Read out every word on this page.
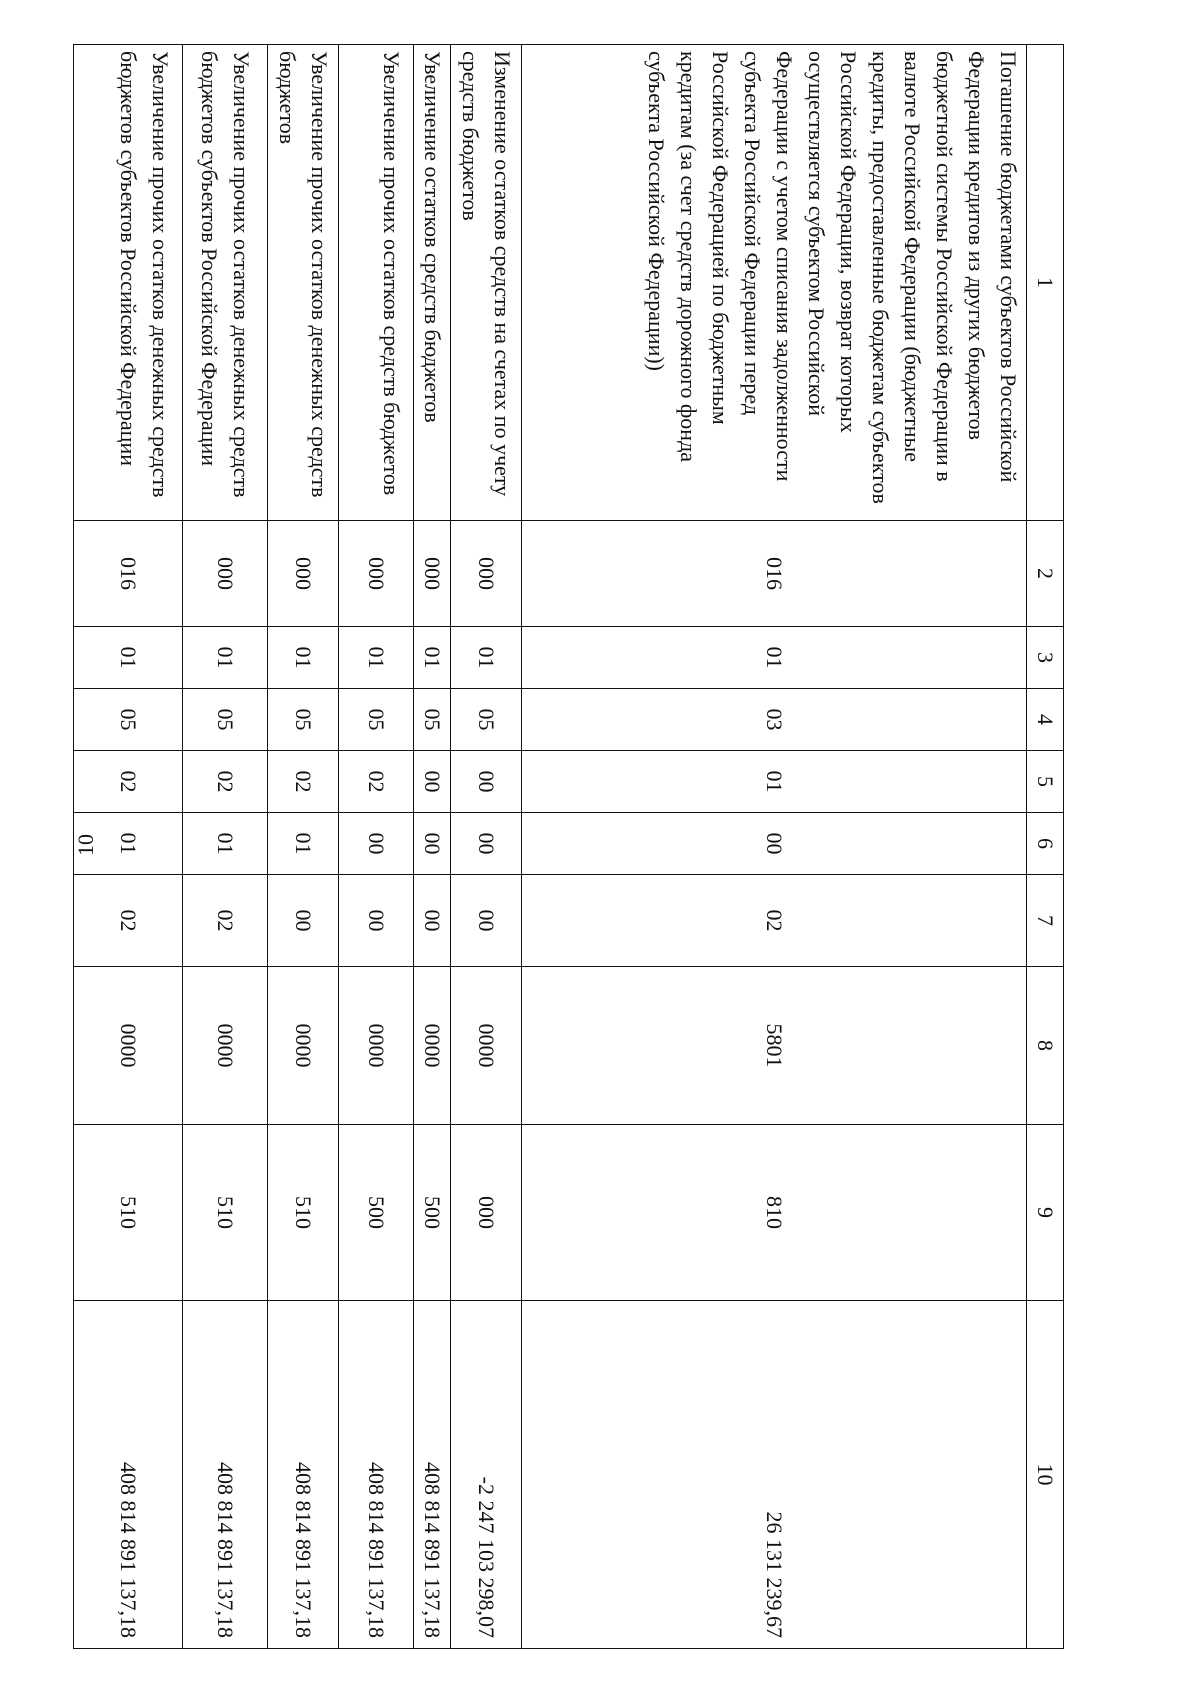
10
1	2	3	4	5	6	7	8	9	10
Погашение бюджетами субъектов Российской Федерации кредитов из других бюджетов бюджетной системы Российской Федерации в валюте Российской Федерации (бюджетные кредиты, предоставленные бюджетам субъектов Российской Федерации, возврат которых осуществляется субъектом Российской Федерации с учетом списания задолженности субъекта Российской Федерации перед Российской Федерацией по бюджетным кредитам (за счет средств дорожного фонда субъекта Российской Федерации))	016	01	03	01	00	02	5801	810	26 131 239,67
Изменение остатков средств на счетах по учету средств бюджетов	000	01	05	00	00	00	0000	000	-2 247 103 298,07
Увеличение остатков средств бюджетов	000	01	05	00	00	00	0000	500	408 814 891 137,18
Увеличение прочих остатков средств бюджетов	000	01	05	02	00	00	0000	500	408 814 891 137,18
Увеличение прочих остатков денежных средств бюджетов	000	01	05	02	01	00	0000	510	408 814 891 137,18
Увеличение прочих остатков денежных средств бюджетов субъектов Российской Федерации	000	01	05	02	01	02	0000	510	408 814 891 137,18
Увеличение прочих остатков денежных средств бюджетов субъектов Российской Федерации	016	01	05	02	01	02	0000	510	408 814 891 137,18
